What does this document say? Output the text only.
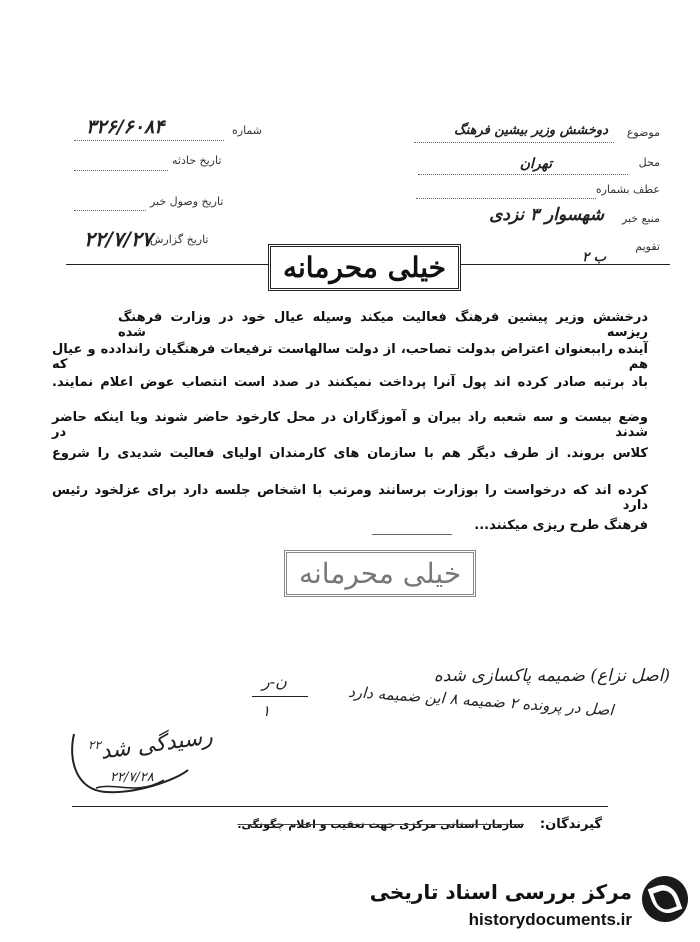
موضوع
دوخشش وزیر بیشین فرهنگ
محل
تهران
عطف بشماره
منبع خبر
شهسوار ۳ نزدی
تقویم
ب ۲
شماره
۳۲۶/۶۰۸۴
تاریخ حادثه
تاریخ وصول خبر
تاریخ گزارش
۲۲/۷/۲۷
خیلی محرمانه
درخشش وزیر پیشین فرهنگ فعالیت میکند وسیله عیال خود در وزارت فرهنگ ریزسه شده
آینده راببعنوان اعتراض بدولت تصاحب، از دولت سالهاست ترفیعات فرهنگیان راندادده و عیال هم که
باد برتبه صادر کرده اند پول آنرا پرداخت نمیکنند در صدد است انتصاب عوض اعلام نمایند.
وضع بیست و سه شعبه راد بیران و آموزگاران در محل کارخود حاضر شوند ویا اینکه حاضر شدند در
کلاس بروند. از طرف دیگر هم با سازمان های کارمندان اولیای فعالیت شدیدی را شروع
کرده اند که درخواست را بوزارت برسانند ومرتب با اشخاص جلسه دارد برای عزلخود رئیس دارد
فرهنگ طرح ریزی میکنند...
خیلی محرمانه
(اصل نزاع) ضمیمه پاکسازی شده
ن-ر
۱
اصل در پرونده ۲ ضمیمه ۸ این ضمیمه دارد
رسیدگی شد
۲۲
۲۲/۷/۲۸
گیرندگان:
سازمان استانی مرکزی جهت تعقیب و اعلام چگونگی.
مرکز بررسی اسناد تاریخی
historydocuments.ir
